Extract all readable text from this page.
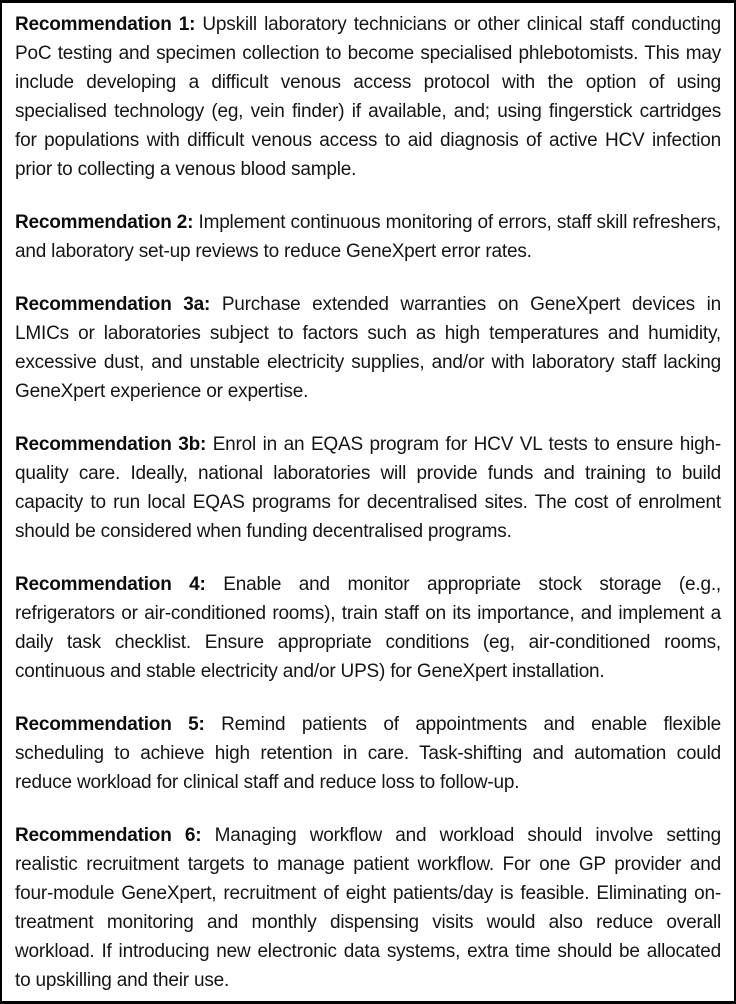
Recommendation 1: Upskill laboratory technicians or other clinical staff conducting PoC testing and specimen collection to become specialised phlebotomists. This may include developing a difficult venous access protocol with the option of using specialised technology (eg, vein finder) if available, and; using fingerstick cartridges for populations with difficult venous access to aid diagnosis of active HCV infection prior to collecting a venous blood sample.

Recommendation 2: Implement continuous monitoring of errors, staff skill refreshers, and laboratory set-up reviews to reduce GeneXpert error rates.

Recommendation 3a: Purchase extended warranties on GeneXpert devices in LMICs or laboratories subject to factors such as high temperatures and humidity, excessive dust, and unstable electricity supplies, and/or with laboratory staff lacking GeneXpert experience or expertise.

Recommendation 3b: Enrol in an EQAS program for HCV VL tests to ensure high-quality care. Ideally, national laboratories will provide funds and training to build capacity to run local EQAS programs for decentralised sites. The cost of enrolment should be considered when funding decentralised programs.

Recommendation 4: Enable and monitor appropriate stock storage (e.g., refrigerators or air-conditioned rooms), train staff on its importance, and implement a daily task checklist. Ensure appropriate conditions (eg, air-conditioned rooms, continuous and stable electricity and/or UPS) for GeneXpert installation.

Recommendation 5: Remind patients of appointments and enable flexible scheduling to achieve high retention in care. Task-shifting and automation could reduce workload for clinical staff and reduce loss to follow-up.

Recommendation 6: Managing workflow and workload should involve setting realistic recruitment targets to manage patient workflow. For one GP provider and four-module GeneXpert, recruitment of eight patients/day is feasible. Eliminating on-treatment monitoring and monthly dispensing visits would also reduce overall workload. If introducing new electronic data systems, extra time should be allocated to upskilling and their use.
